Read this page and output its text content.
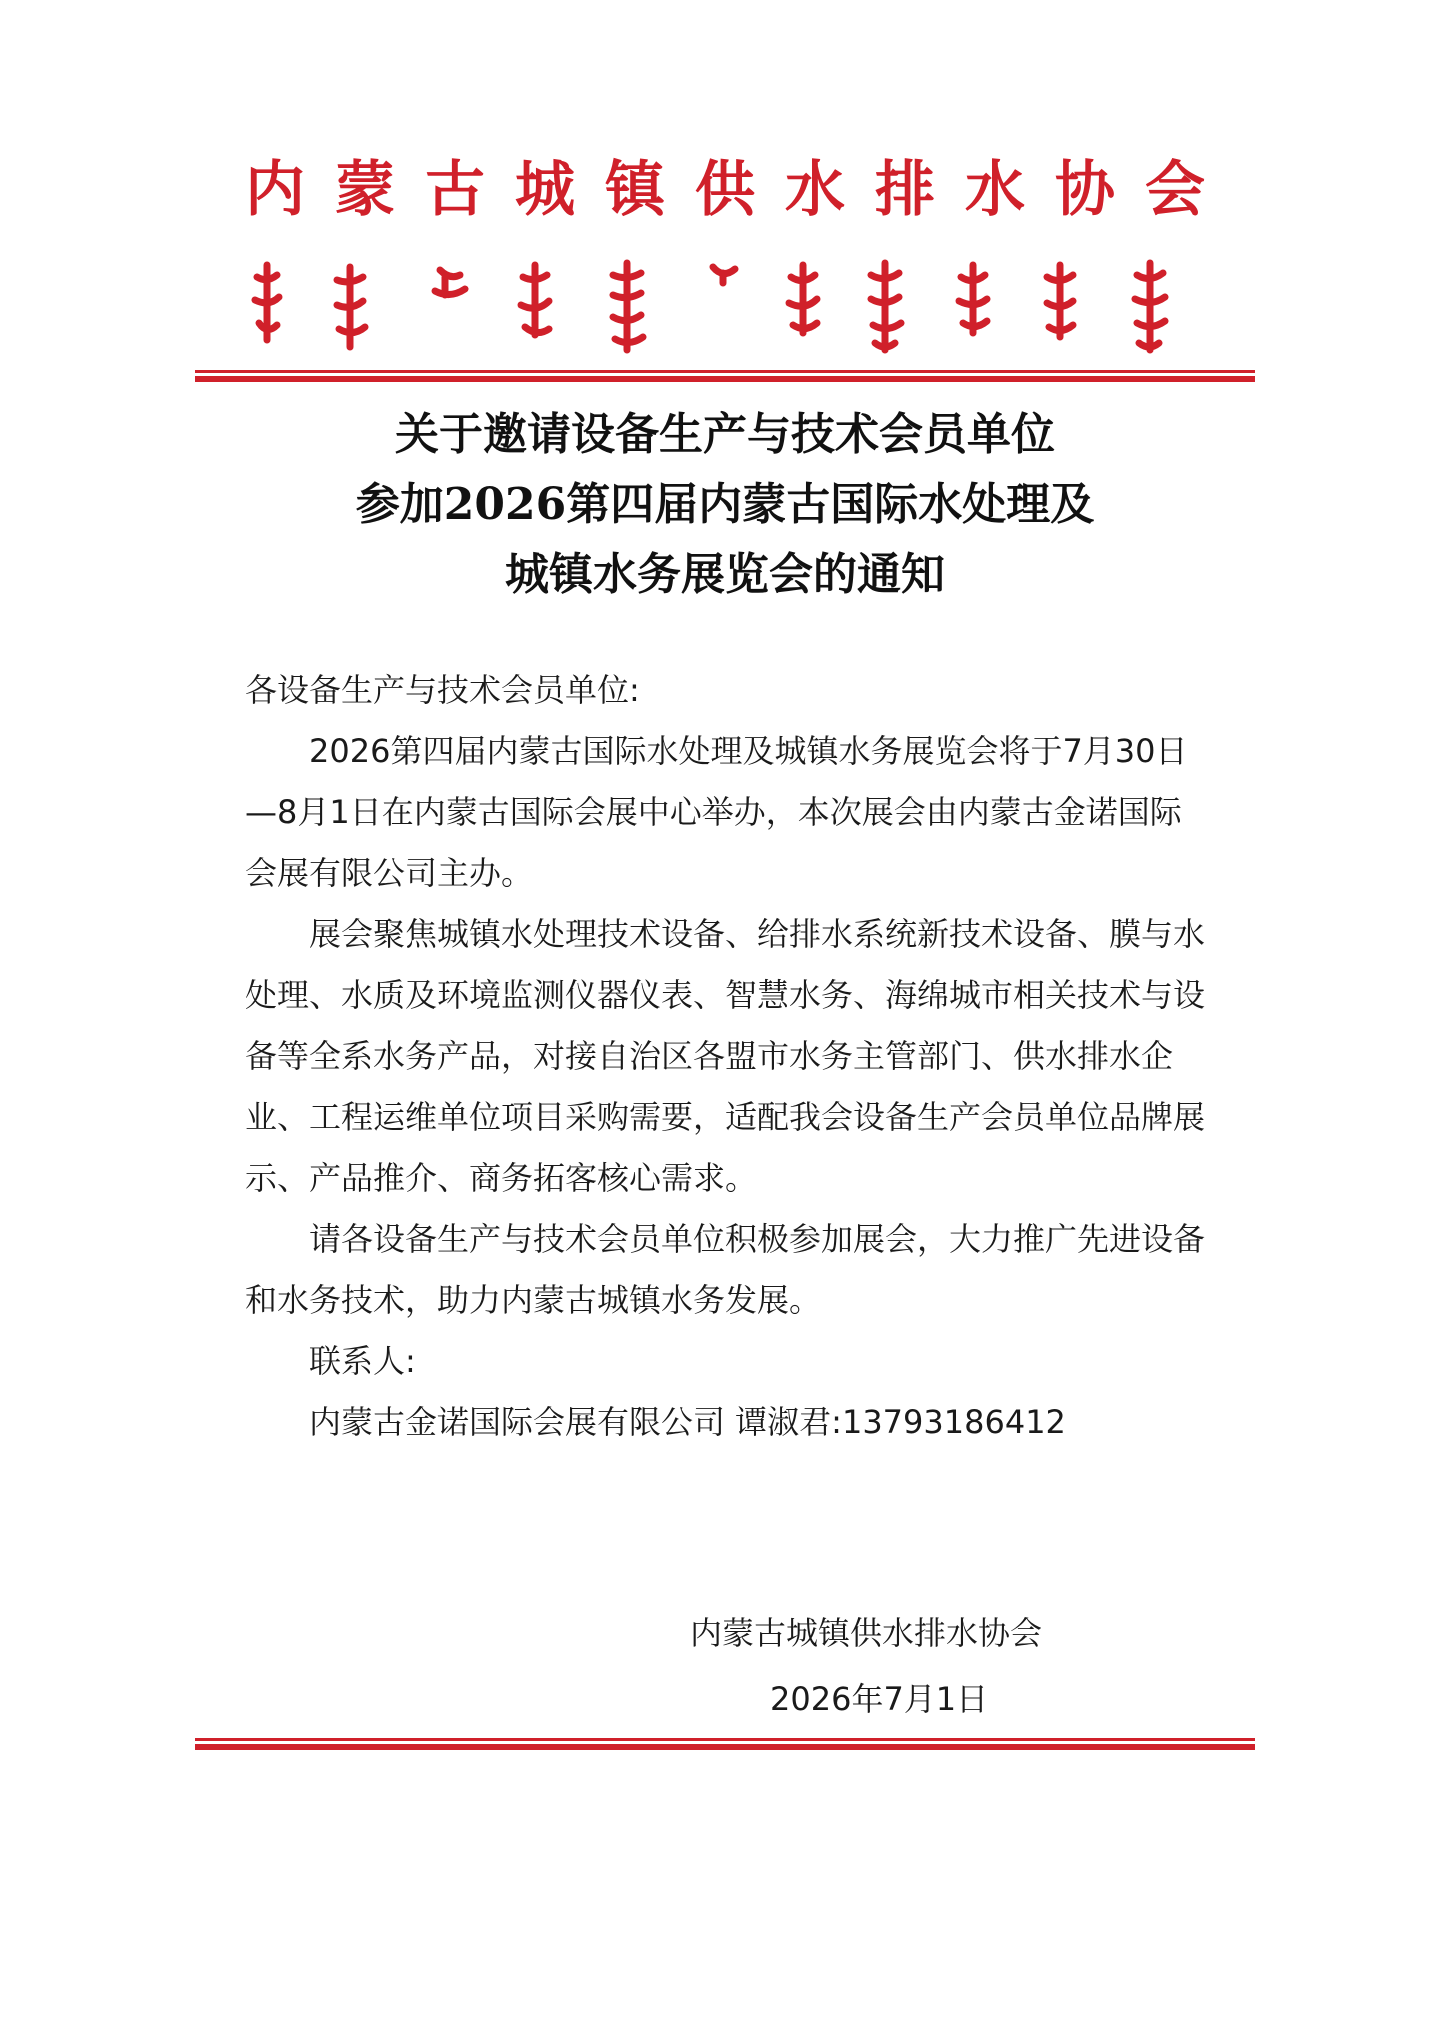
内 蒙 古 城 镇 供 水 排 水 协 会
关于邀请设备生产与技术会员单位
参加2026第四届内蒙古国际水处理及
城镇水务展览会的通知

各设备生产与技术会员单位:

2026第四届内蒙古国际水处理及城镇水务展览会将于7月30日—8月1日在内蒙古国际会展中心举办，本次展会由内蒙古金诺国际会展有限公司主办。

展会聚焦城镇水处理技术设备、给排水系统新技术设备、膜与水处理、水质及环境监测仪器仪表、智慧水务、海绵城市相关技术与设备等全系水务产品，对接自治区各盟市水务主管部门、供水排水企业、工程运维单位项目采购需要，适配我会设备生产会员单位品牌展示、产品推介、商务拓客核心需求。

请各设备生产与技术会员单位积极参加展会，大力推广先进设备和水务技术，助力内蒙古城镇水务发展。

联系人:

内蒙古金诺国际会展有限公司 谭淑君:13793186412

内蒙古城镇供水排水协会
2026年7月1日
